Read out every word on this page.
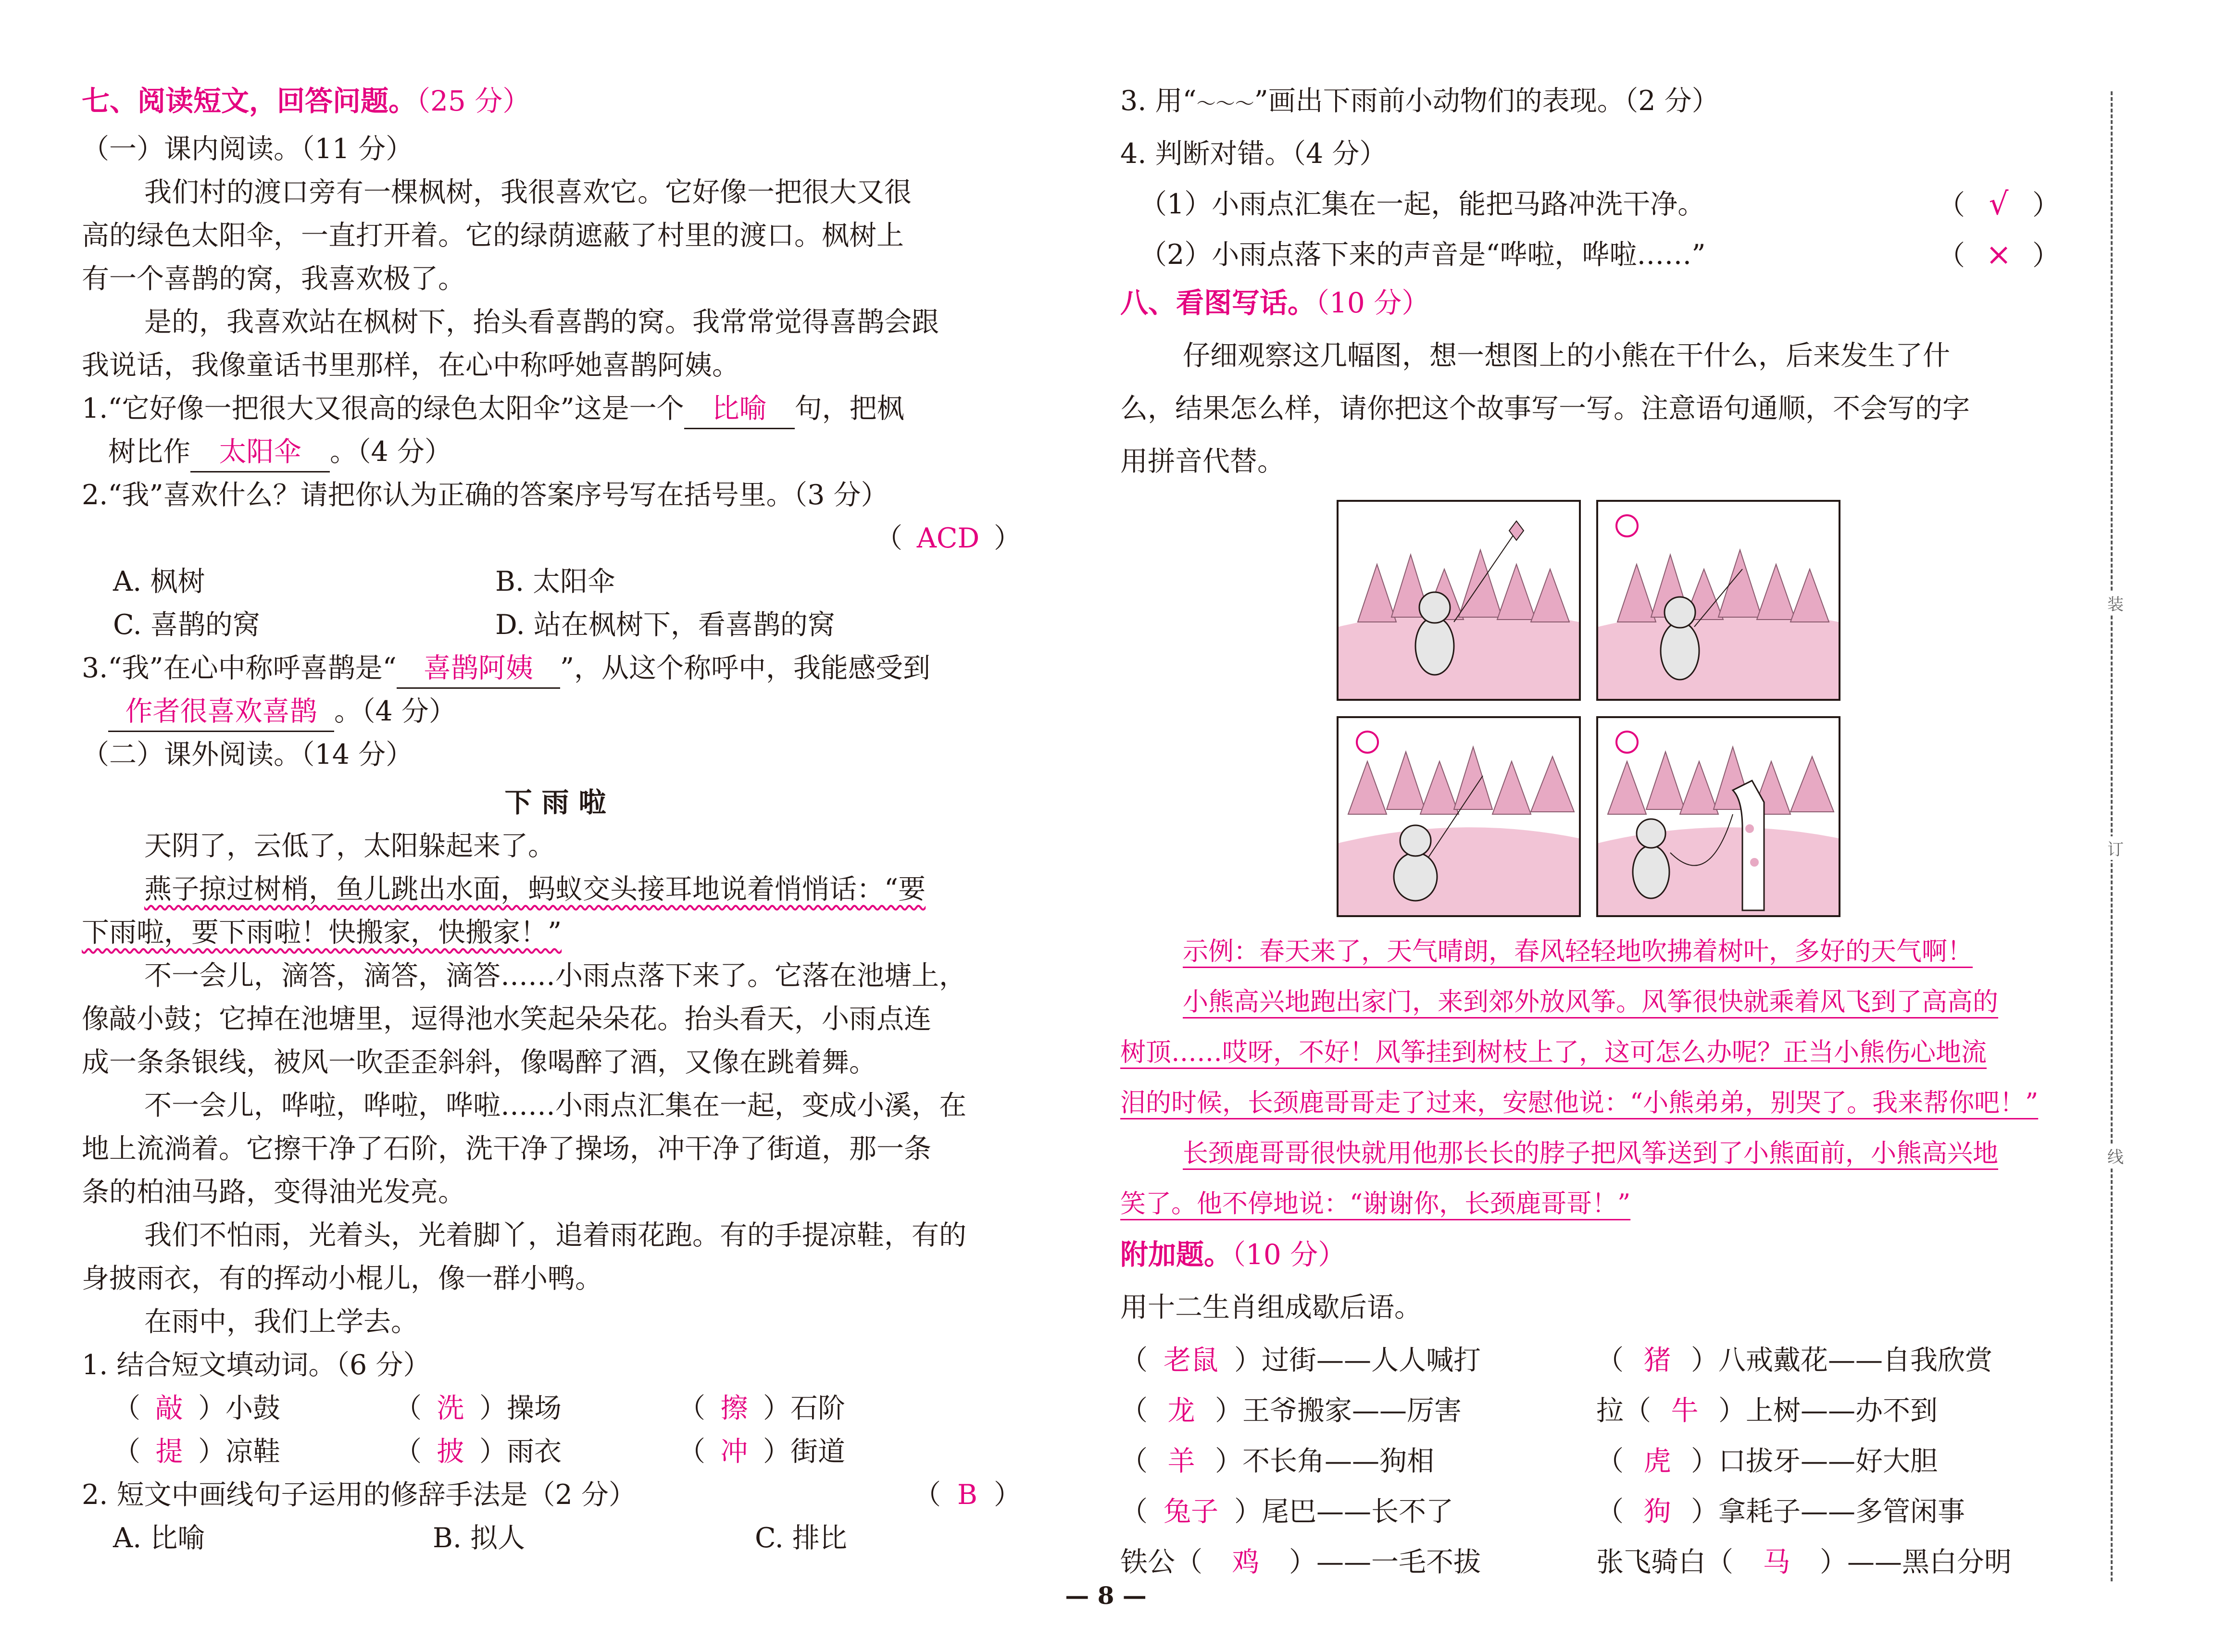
七、阅读短文，回答问题。（25 分）
（一）课内阅读。（11 分）
我们村的渡口旁有一棵枫树，我很喜欢它。它好像一把很大又很
高的绿色太阳伞，一直打开着。它的绿荫遮蔽了村里的渡口。枫树上
有一个喜鹊的窝，我喜欢极了。
是的，我喜欢站在枫树下，抬头看喜鹊的窝。我常常觉得喜鹊会跟
我说话，我像童话书里那样，在心中称呼她喜鹊阿姨。
1.“它好像一把很大又很高的绿色太阳伞”这是一个 比喻 句，把枫
树比作 太阳伞 。（4 分）
2.“我”喜欢什么？请把你认为正确的答案序号写在括号里。（3 分）
（ ACD ）
A. 枫树	B. 太阳伞
C. 喜鹊的窝	D. 站在枫树下，看喜鹊的窝
3.“我”在心中称呼喜鹊是“ 喜鹊阿姨 ”，从这个称呼中，我能感受到
作者很喜欢喜鹊 。（4 分）
（二）课外阅读。（14 分）
下雨啦
天阴了，云低了，太阳躲起来了。
燕子掠过树梢，鱼儿跳出水面，蚂蚁交头接耳地说着悄悄话：“要
下雨啦，要下雨啦！快搬家，快搬家！”
不一会儿，滴答，滴答，滴答……小雨点落下来了。它落在池塘上，
像敲小鼓；它掉在池塘里，逗得池水笑起朵朵花。抬头看天，小雨点连
成一条条银线，被风一吹歪歪斜斜，像喝醉了酒，又像在跳着舞。
不一会儿，哗啦，哗啦，哗啦……小雨点汇集在一起，变成小溪，在
地上流淌着。它擦干净了石阶，洗干净了操场，冲干净了街道，那一条
条的柏油马路，变得油光发亮。
我们不怕雨，光着头，光着脚丫，追着雨花跑。有的手提凉鞋，有的
身披雨衣，有的挥动小棍儿，像一群小鸭。
在雨中，我们上学去。
1. 结合短文填动词。（6 分）
（ 敲 ）小鼓	（ 洗 ）操场	（ 擦 ）石阶
（ 提 ）凉鞋	（ 披 ）雨衣	（ 冲 ）街道
2. 短文中画线句子运用的修辞手法是（2 分）	（ B ）
A. 比喻	B. 拟人	C. 排比
3. 用“～～～”画出下雨前小动物们的表现。（2 分）
4. 判断对错。（4 分）
（1）小雨点汇集在一起，能把马路冲洗干净。	（ √ ）
（2）小雨点落下来的声音是“哗啦，哗啦……”	（ × ）
八、看图写话。（10 分）
仔细观察这几幅图，想一想图上的小熊在干什么，后来发生了什
么，结果怎么样，请你把这个故事写一写。注意语句通顺，不会写的字
用拼音代替。
示例：春天来了，天气晴朗，春风轻轻地吹拂着树叶，多好的天气啊！
小熊高兴地跑出家门，来到郊外放风筝。风筝很快就乘着风飞到了高高的
树顶……哎呀，不好！风筝挂到树枝上了，这可怎么办呢？正当小熊伤心地流
泪的时候，长颈鹿哥哥走了过来，安慰他说：“小熊弟弟，别哭了。我来帮你吧！”
长颈鹿哥哥很快就用他那长长的脖子把风筝送到了小熊面前，小熊高兴地
笑了。他不停地说：“谢谢你，长颈鹿哥哥！”
附加题。（10 分）
用十二生肖组成歇后语。
（ 老鼠 ）过街——人人喊打	（ 猪 ）八戒戴花——自我欣赏
（ 龙 ）王爷搬家——厉害	拉（ 牛 ）上树——办不到
（ 羊 ）不长角——狗相	（ 虎 ）口拔牙——好大胆
（ 兔子 ）尾巴——长不了	（ 狗 ）拿耗子——多管闲事
铁公（ 鸡 ）——一毛不拔	张飞骑白（ 马 ）——黑白分明
装
订
线
— 8 —
